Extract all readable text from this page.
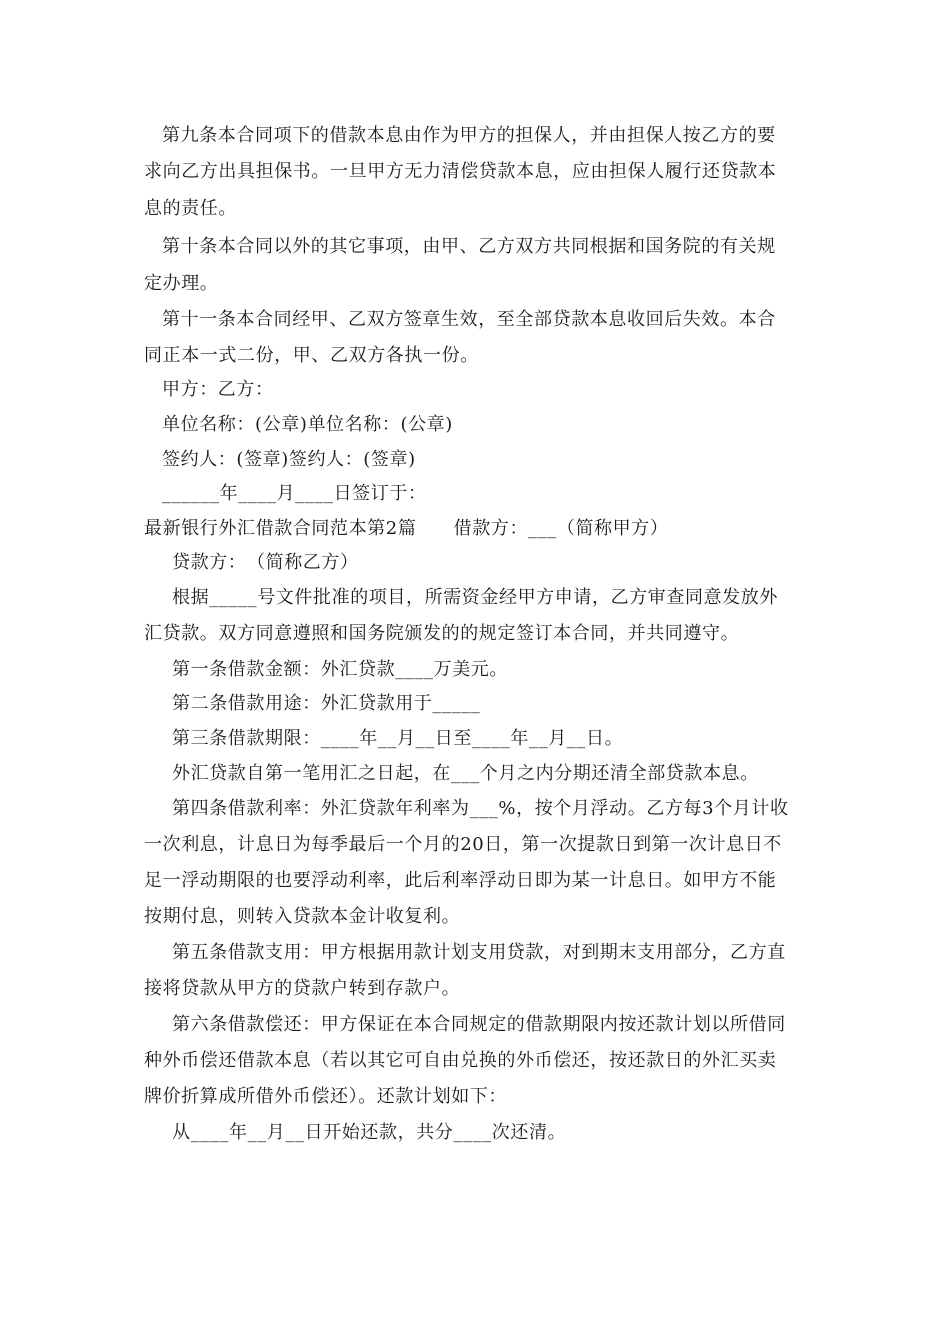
第九条本合同项下的借款本息由作为甲方的担保人，并由担保人按乙方的要
求向乙方出具担保书。一旦甲方无力清偿贷款本息，应由担保人履行还贷款本
息的责任。
第十条本合同以外的其它事项，由甲、乙方双方共同根据和国务院的有关规
定办理。
第十一条本合同经甲、乙双方签章生效，至全部贷款本息收回后失效。本合
同正本一式二份，甲、乙双方各执一份。
甲方：乙方：
单位名称：(公章)单位名称：(公章)
签约人：(签章)签约人：(签章)
______年____月____日签订于：
最新银行外汇借款合同范本第2篇　　借款方：___（简称甲方）
贷款方：　（简称乙方）
根据_____号文件批准的项目，所需资金经甲方申请，乙方审查同意发放外
汇贷款。双方同意遵照和国务院颁发的的规定签订本合同，并共同遵守。
第一条借款金额：外汇贷款____万美元。
第二条借款用途：外汇贷款用于_____
第三条借款期限：____年__月__日至____年__月__日。
外汇贷款自第一笔用汇之日起，在___个月之内分期还清全部贷款本息。
第四条借款利率：外汇贷款年利率为___%，按个月浮动。乙方每3个月计收
一次利息，计息日为每季最后一个月的20日，第一次提款日到第一次计息日不
足一浮动期限的也要浮动利率，此后利率浮动日即为某一计息日。如甲方不能
按期付息，则转入贷款本金计收复利。
第五条借款支用：甲方根据用款计划支用贷款，对到期末支用部分，乙方直
接将贷款从甲方的贷款户转到存款户。
第六条借款偿还：甲方保证在本合同规定的借款期限内按还款计划以所借同
种外币偿还借款本息（若以其它可自由兑换的外币偿还，按还款日的外汇买卖
牌价折算成所借外币偿还）。还款计划如下：
从____年__月__日开始还款，共分____次还清。
